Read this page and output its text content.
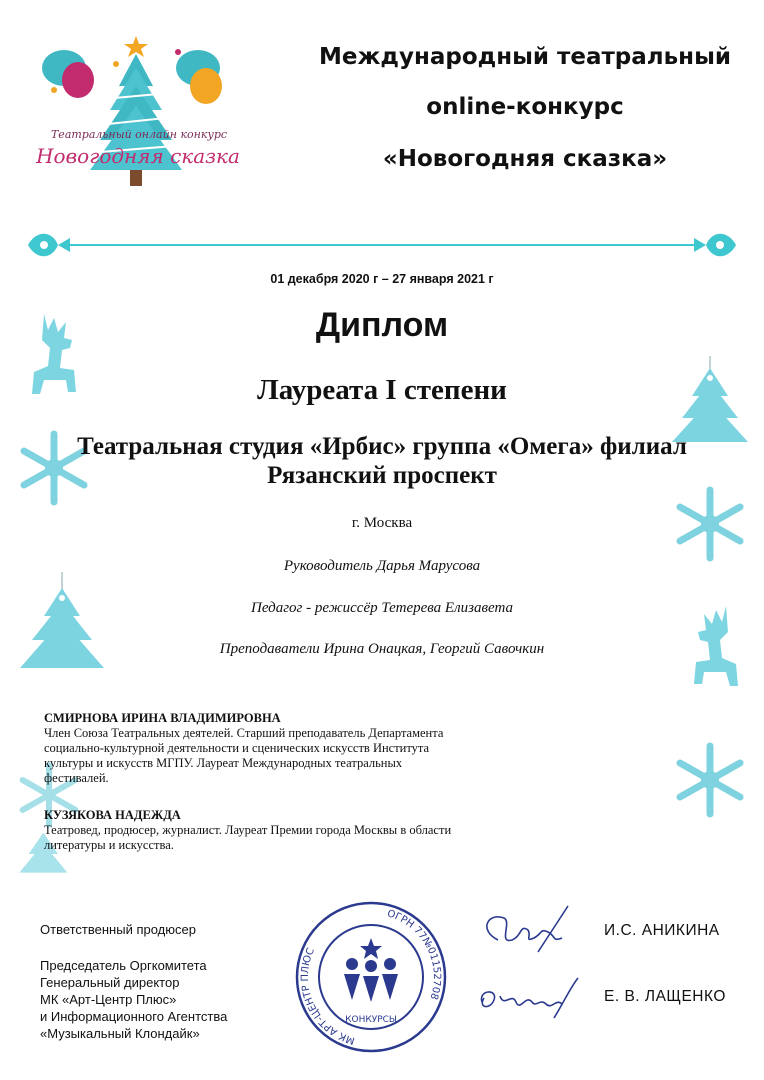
Театральный онлайн конкурс
Новогодняя сказка
Международный театральный
online-конкурс
«Новогодняя сказка»
01 декабря 2020 г – 27 января 2021 г
Диплом
Лауреата I степени
Театральная студия «Ирбис» группа «Омега» филиал
Рязанский проспект
г. Москва
Руководитель Дарья Марусова
Педагог - режиссёр Тетерева Елизавета
Преподаватели Ирина Онацкая, Георгий Савочкин
СМИРНОВА ИРИНА ВЛАДИМИРОВНА
Член Союза Театральных деятелей. Старший преподаватель Департамента
социально-культурной деятельности и сценических искусств Института
культуры и искусств МГПУ. Лауреат Международных театральных
фестивалей.
КУЗЯКОВА НАДЕЖДА
Театровед, продюсер, журналист. Лауреат Премии города Москвы в области
литературы и искусства.
Ответственный продюсер
Председатель Оргкомитета
Генеральный директор
МК «Арт-Центр Плюс»
и Информационного Агентства
«Музыкальный Клондайк»	МК АРТ-ЦЕНТР ПЛЮС
ОГРН 77№01152708
КОНКУРСЫ
И.С. АНИКИНА
Е. В. ЛАЩЕНКО
